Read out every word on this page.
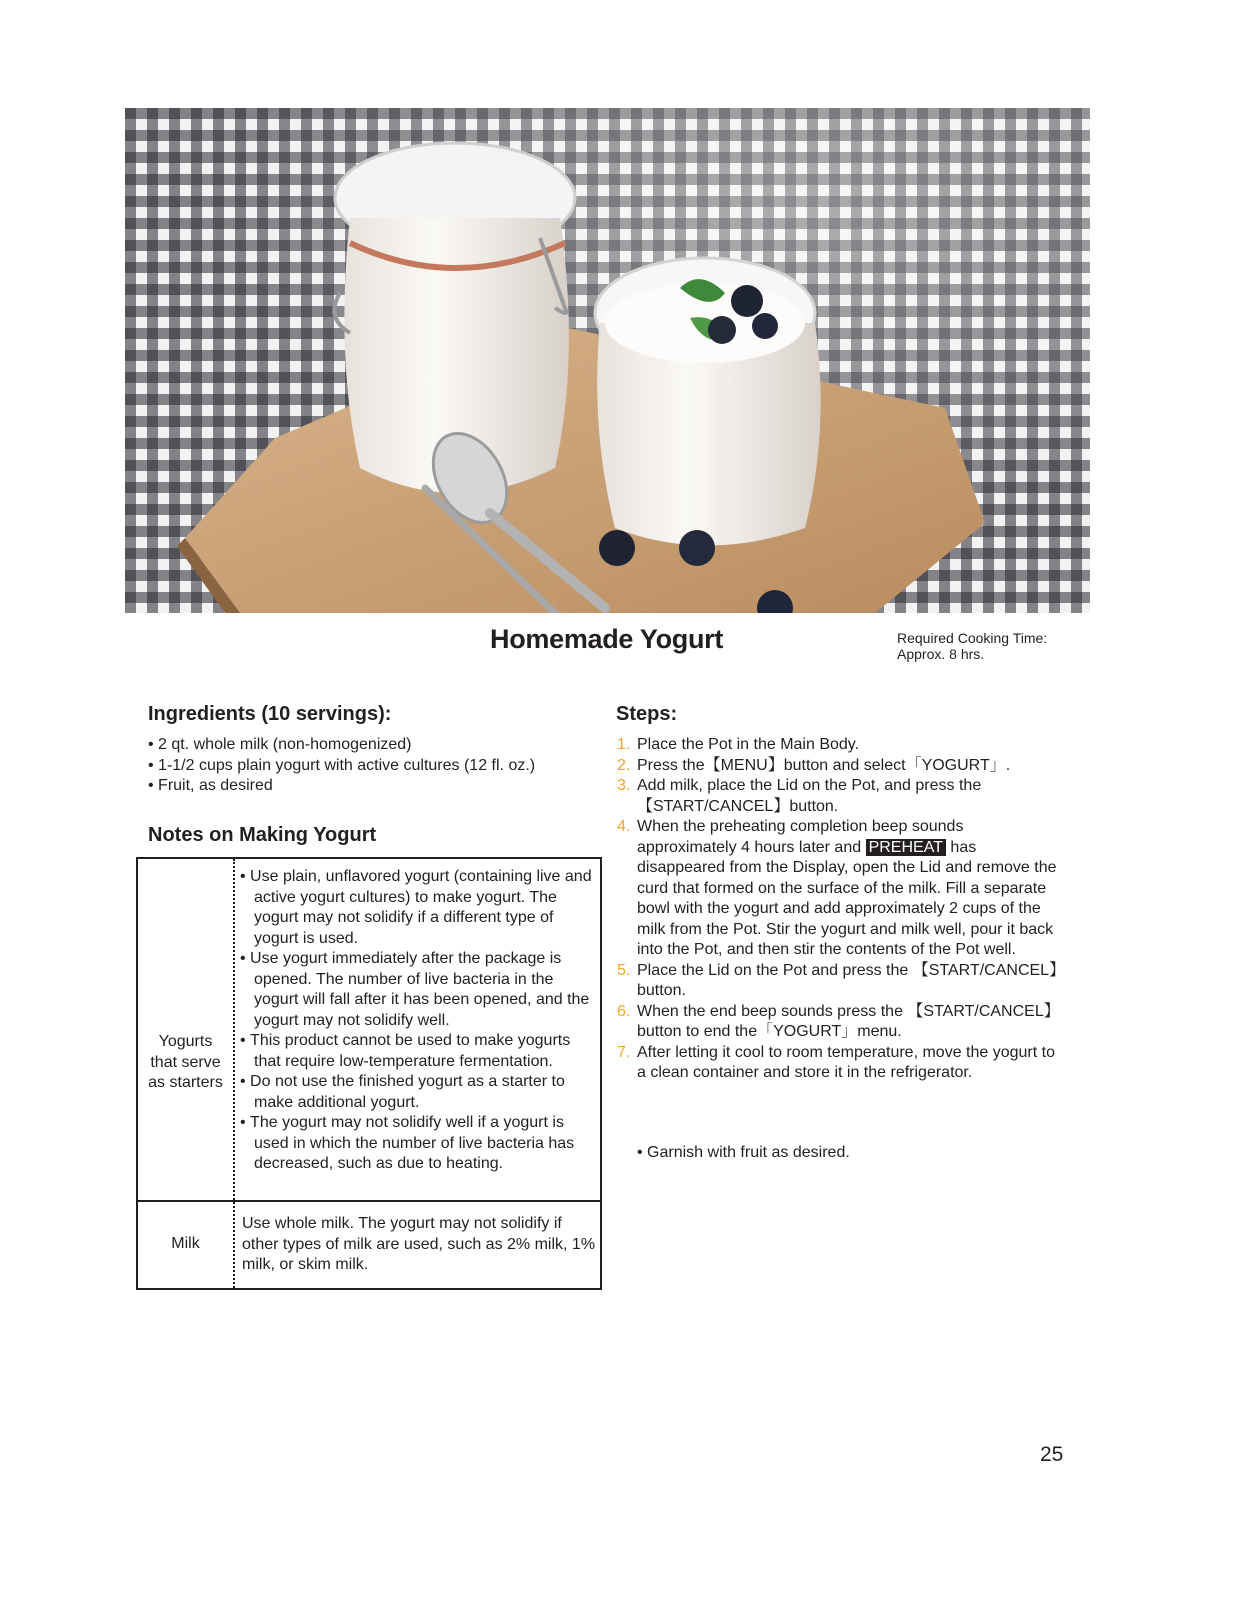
Homemade Yogurt	Required Cooking Time:
Approx. 8 hrs.
Ingredients (10 servings):
• 2 qt. whole milk (non-homogenized)
• 1-1/2 cups plain yogurt with active cultures (12 fl. oz.)
• Fruit, as desired
Notes on Making Yogurt
Yogurts
that serve
as starters
• Use plain, unflavored yogurt (containing live and active yogurt cultures) to make yogurt. The yogurt may not solidify if a different type of yogurt is used.
• Use yogurt immediately after the package is opened. The number of live bacteria in the yogurt will fall after it has been opened, and the yogurt may not solidify well.
• This product cannot be used to make yogurts that require low-temperature fermentation.
• Do not use the finished yogurt as a starter to make additional yogurt.
• The yogurt may not solidify well if a yogurt is used in which the number of live bacteria has decreased, such as due to heating.
Milk
Use whole milk. The yogurt may not solidify if other types of milk are used, such as 2% milk, 1% milk, or skim milk.
Steps:
1. Place the Pot in the Main Body.
2. Press the【MENU】button and select「YOGURT」.
3. Add milk, place the Lid on the Pot, and press the 【START/CANCEL】button.
4. When the preheating completion beep sounds approximately 4 hours later and PREHEAT has disappeared from the Display, open the Lid and remove the curd that formed on the surface of the milk. Fill a separate bowl with the yogurt and add approximately 2 cups of the milk from the Pot. Stir the yogurt and milk well, pour it back into the Pot, and then stir the contents of the Pot well.
5. Place the Lid on the Pot and press the 【START/CANCEL】button.
6. When the end beep sounds press the 【START/CANCEL】button to end the「YOGURT」menu.
7. After letting it cool to room temperature, move the yogurt to a clean container and store it in the refrigerator.
• Garnish with fruit as desired.
25
